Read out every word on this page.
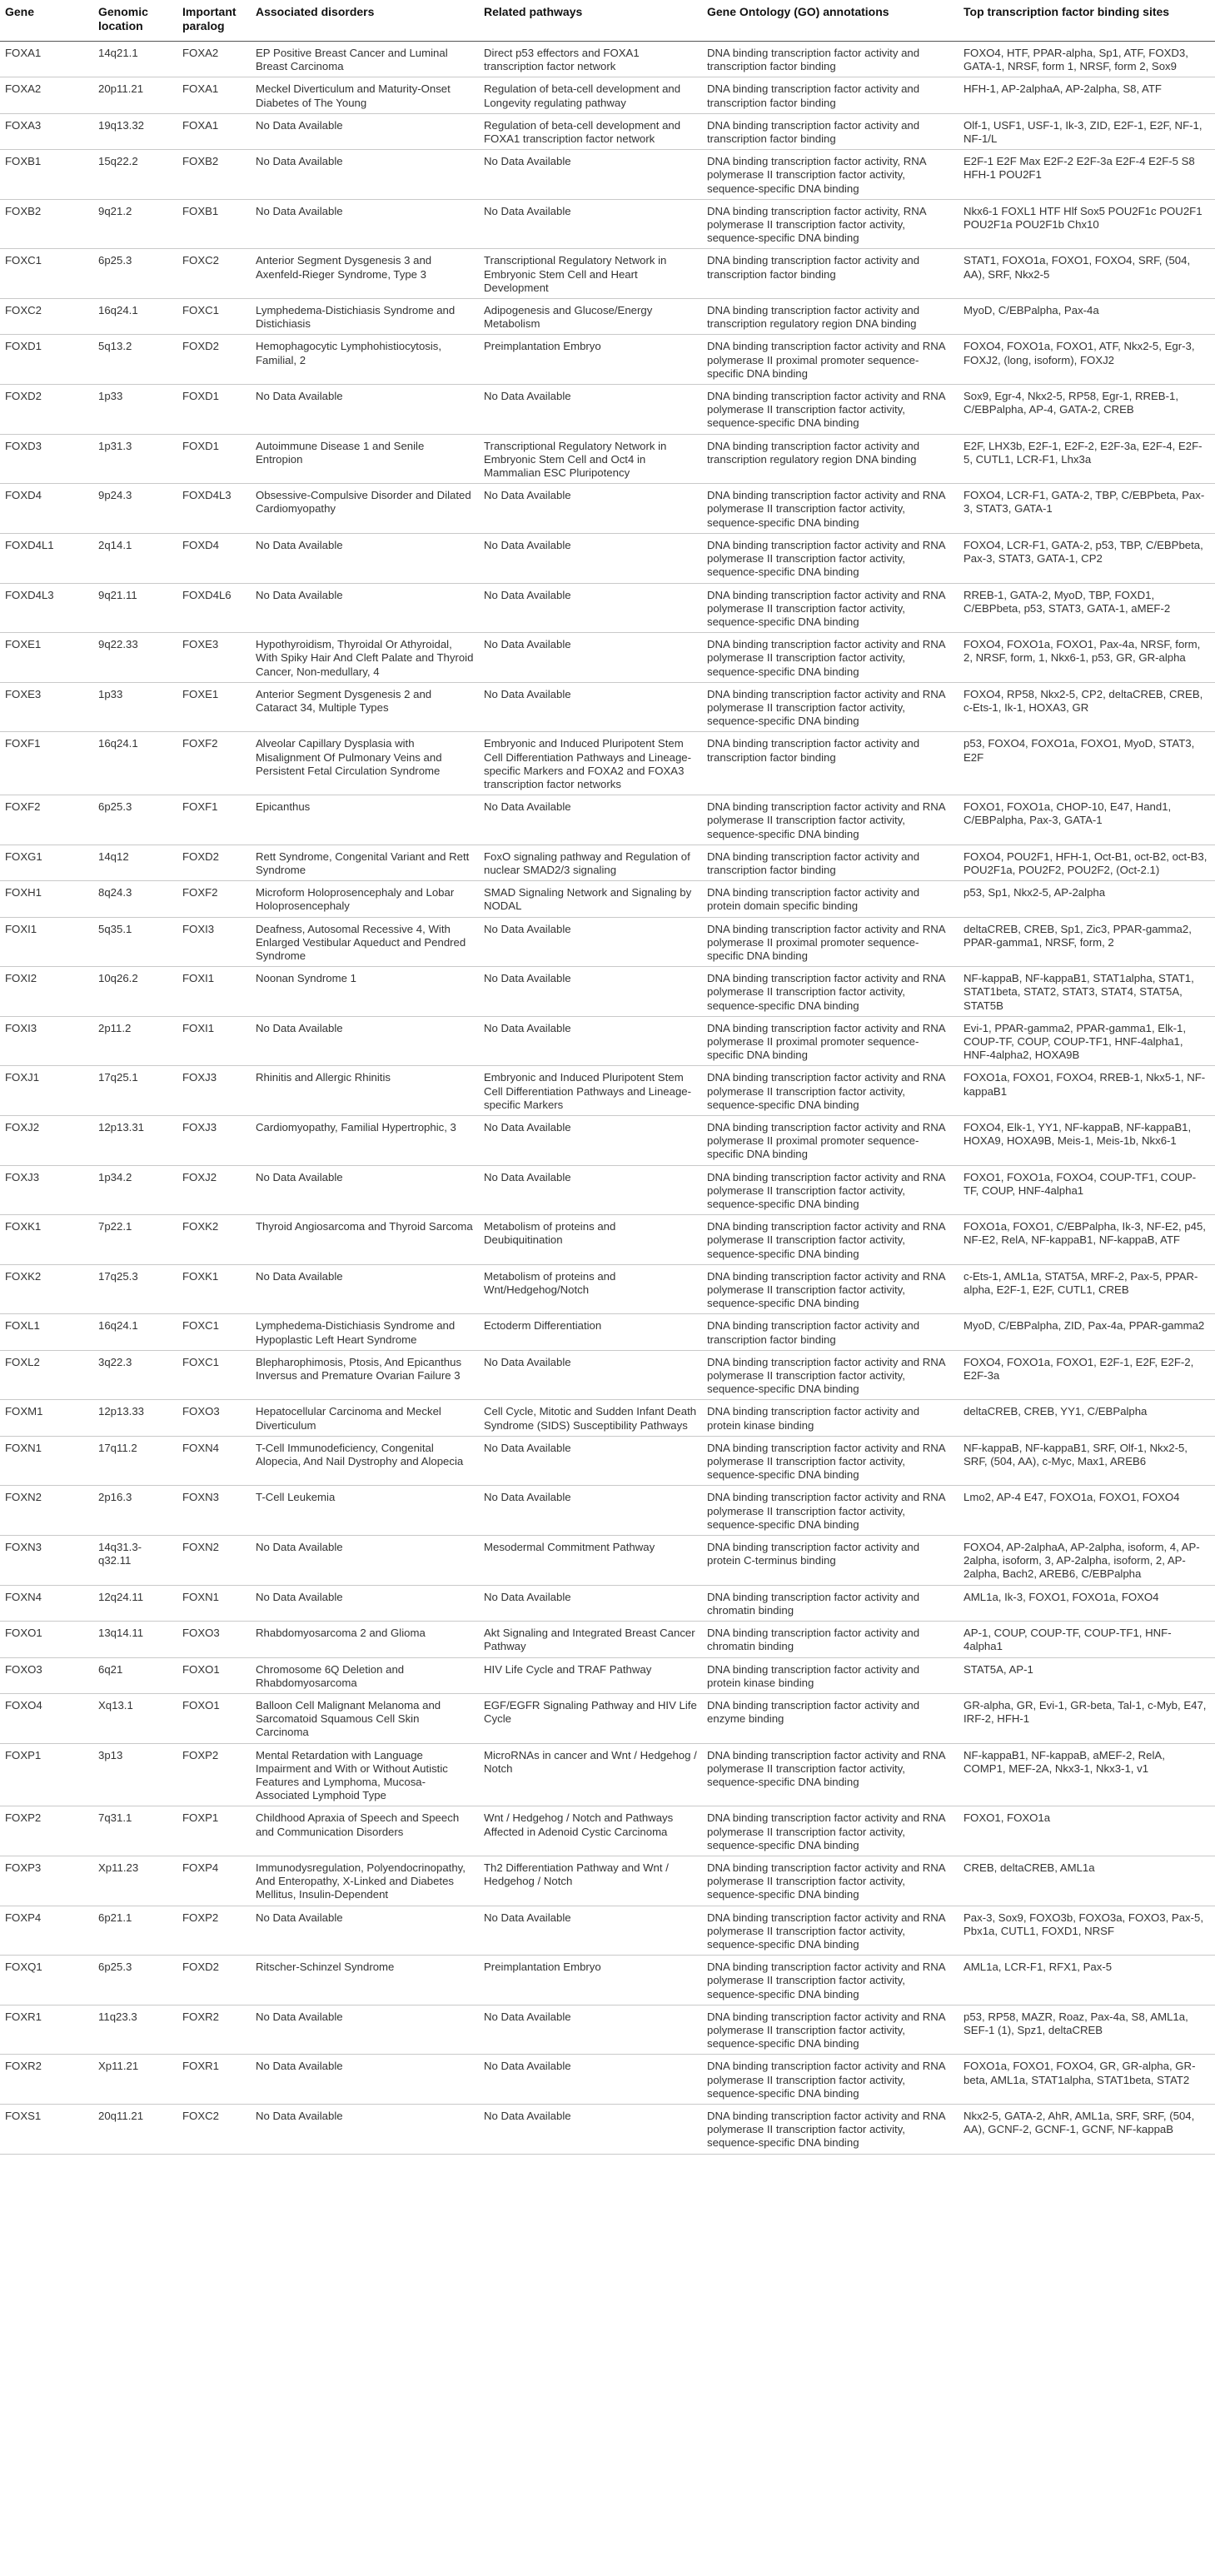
Gene	Genomic location	Important paralog	Associated disorders	Related pathways	Gene Ontology (GO) annotations	Top transcription factor binding sites
FOXA1	14q21.1	FOXA2	EP Positive Breast Cancer and Luminal Breast Carcinoma	Direct p53 effectors and FOXA1 transcription factor network	DNA binding transcription factor activity and transcription factor binding	FOXO4, HTF, PPAR-alpha, Sp1, ATF, FOXD3, GATA-1, NRSF, form 1, NRSF, form 2, Sox9
FOXA2	20p11.21	FOXA1	Meckel Diverticulum and Maturity-Onset Diabetes of The Young	Regulation of beta-cell development and Longevity regulating pathway	DNA binding transcription factor activity and transcription factor binding	HFH-1, AP-2alphaA, AP-2alpha, S8, ATF
FOXA3	19q13.32	FOXA1	No Data Available	Regulation of beta-cell development and FOXA1 transcription factor network	DNA binding transcription factor activity and transcription factor binding	Olf-1, USF1, USF-1, Ik-3, ZID, E2F-1, E2F, NF-1, NF-1/L
FOXB1	15q22.2	FOXB2	No Data Available	No Data Available	DNA binding transcription factor activity, RNA polymerase II transcription factor activity, sequence-specific DNA binding	E2F-1 E2F Max E2F-2 E2F-3a E2F-4 E2F-5 S8 HFH-1 POU2F1
FOXB2	9q21.2	FOXB1	No Data Available	No Data Available	DNA binding transcription factor activity, RNA polymerase II transcription factor activity, sequence-specific DNA binding	Nkx6-1 FOXL1 HTF Hlf Sox5 POU2F1c POU2F1 POU2F1a POU2F1b Chx10
FOXC1	6p25.3	FOXC2	Anterior Segment Dysgenesis 3 and Axenfeld-Rieger Syndrome, Type 3	Transcriptional Regulatory Network in Embryonic Stem Cell and Heart Development	DNA binding transcription factor activity and transcription factor binding	STAT1, FOXO1a, FOXO1, FOXO4, SRF, (504, AA), SRF, Nkx2-5
FOXC2	16q24.1	FOXC1	Lymphedema-Distichiasis Syndrome and Distichiasis	Adipogenesis and Glucose/Energy Metabolism	DNA binding transcription factor activity and transcription regulatory region DNA binding	MyoD, C/EBPalpha, Pax-4a
FOXD1	5q13.2	FOXD2	Hemophagocytic Lymphohistiocytosis, Familial, 2	Preimplantation Embryo	DNA binding transcription factor activity and RNA polymerase II proximal promoter sequence-specific DNA binding	FOXO4, FOXO1a, FOXO1, ATF, Nkx2-5, Egr-3, FOXJ2, (long, isoform), FOXJ2
FOXD2	1p33	FOXD1	No Data Available	No Data Available	DNA binding transcription factor activity and RNA polymerase II transcription factor activity, sequence-specific DNA binding	Sox9, Egr-4, Nkx2-5, RP58, Egr-1, RREB-1, C/EBPalpha, AP-4, GATA-2, CREB
FOXD3	1p31.3	FOXD1	Autoimmune Disease 1 and Senile Entropion	Transcriptional Regulatory Network in Embryonic Stem Cell and Oct4 in Mammalian ESC Pluripotency	DNA binding transcription factor activity and transcription regulatory region DNA binding	E2F, LHX3b, E2F-1, E2F-2, E2F-3a, E2F-4, E2F-5, CUTL1, LCR-F1, Lhx3a
FOXD4	9p24.3	FOXD4L3	Obsessive-Compulsive Disorder and Dilated Cardiomyopathy	No Data Available	DNA binding transcription factor activity and RNA polymerase II transcription factor activity, sequence-specific DNA binding	FOXO4, LCR-F1, GATA-2, TBP, C/EBPbeta, Pax-3, STAT3, GATA-1
FOXD4L1	2q14.1	FOXD4	No Data Available	No Data Available	DNA binding transcription factor activity and RNA polymerase II transcription factor activity, sequence-specific DNA binding	FOXO4, LCR-F1, GATA-2, p53, TBP, C/EBPbeta, Pax-3, STAT3, GATA-1, CP2
FOXD4L3	9q21.11	FOXD4L6	No Data Available	No Data Available	DNA binding transcription factor activity and RNA polymerase II transcription factor activity, sequence-specific DNA binding	RREB-1, GATA-2, MyoD, TBP, FOXD1, C/EBPbeta, p53, STAT3, GATA-1, aMEF-2
FOXE1	9q22.33	FOXE3	Hypothyroidism, Thyroidal Or Athyroidal, With Spiky Hair And Cleft Palate and Thyroid Cancer, Non-medullary, 4	No Data Available	DNA binding transcription factor activity and RNA polymerase II transcription factor activity, sequence-specific DNA binding	FOXO4, FOXO1a, FOXO1, Pax-4a, NRSF, form, 2, NRSF, form, 1, Nkx6-1, p53, GR, GR-alpha
FOXE3	1p33	FOXE1	Anterior Segment Dysgenesis 2 and Cataract 34, Multiple Types	No Data Available	DNA binding transcription factor activity and RNA polymerase II transcription factor activity, sequence-specific DNA binding	FOXO4, RP58, Nkx2-5, CP2, deltaCREB, CREB, c-Ets-1, Ik-1, HOXA3, GR
FOXF1	16q24.1	FOXF2	Alveolar Capillary Dysplasia with Misalignment Of Pulmonary Veins and Persistent Fetal Circulation Syndrome	Embryonic and Induced Pluripotent Stem Cell Differentiation Pathways and Lineage-specific Markers and FOXA2 and FOXA3 transcription factor networks	DNA binding transcription factor activity and transcription factor binding	p53, FOXO4, FOXO1a, FOXO1, MyoD, STAT3, E2F
FOXF2	6p25.3	FOXF1	Epicanthus	No Data Available	DNA binding transcription factor activity and RNA polymerase II transcription factor activity, sequence-specific DNA binding	FOXO1, FOXO1a, CHOP-10, E47, Hand1, C/EBPalpha, Pax-3, GATA-1
FOXG1	14q12	FOXD2	Rett Syndrome, Congenital Variant and Rett Syndrome	FoxO signaling pathway and Regulation of nuclear SMAD2/3 signaling	DNA binding transcription factor activity and transcription factor binding	FOXO4, POU2F1, HFH-1, Oct-B1, oct-B2, oct-B3, POU2F1a, POU2F2, POU2F2, (Oct-2.1)
FOXH1	8q24.3	FOXF2	Microform Holoprosencephaly and Lobar Holoprosencephaly	SMAD Signaling Network and Signaling by NODAL	DNA binding transcription factor activity and protein domain specific binding	p53, Sp1, Nkx2-5, AP-2alpha
FOXI1	5q35.1	FOXI3	Deafness, Autosomal Recessive 4, With Enlarged Vestibular Aqueduct and Pendred Syndrome	No Data Available	DNA binding transcription factor activity and RNA polymerase II proximal promoter sequence-specific DNA binding	deltaCREB, CREB, Sp1, Zic3, PPAR-gamma2, PPAR-gamma1, NRSF, form, 2
FOXI2	10q26.2	FOXI1	Noonan Syndrome 1	No Data Available	DNA binding transcription factor activity and RNA polymerase II transcription factor activity, sequence-specific DNA binding	NF-kappaB, NF-kappaB1, STAT1alpha, STAT1, STAT1beta, STAT2, STAT3, STAT4, STAT5A, STAT5B
FOXI3	2p11.2	FOXI1	No Data Available	No Data Available	DNA binding transcription factor activity and RNA polymerase II proximal promoter sequence-specific DNA binding	Evi-1, PPAR-gamma2, PPAR-gamma1, Elk-1, COUP-TF, COUP, COUP-TF1, HNF-4alpha1, HNF-4alpha2, HOXA9B
FOXJ1	17q25.1	FOXJ3	Rhinitis and Allergic Rhinitis	Embryonic and Induced Pluripotent Stem Cell Differentiation Pathways and Lineage-specific Markers	DNA binding transcription factor activity and RNA polymerase II transcription factor activity, sequence-specific DNA binding	FOXO1a, FOXO1, FOXO4, RREB-1, Nkx5-1, NF-kappaB1
FOXJ2	12p13.31	FOXJ3	Cardiomyopathy, Familial Hypertrophic, 3	No Data Available	DNA binding transcription factor activity and RNA polymerase II proximal promoter sequence-specific DNA binding	FOXO4, Elk-1, YY1, NF-kappaB, NF-kappaB1, HOXA9, HOXA9B, Meis-1, Meis-1b, Nkx6-1
FOXJ3	1p34.2	FOXJ2	No Data Available	No Data Available	DNA binding transcription factor activity and RNA polymerase II transcription factor activity, sequence-specific DNA binding	FOXO1, FOXO1a, FOXO4, COUP-TF1, COUP-TF, COUP, HNF-4alpha1
FOXK1	7p22.1	FOXK2	Thyroid Angiosarcoma and Thyroid Sarcoma	Metabolism of proteins and Deubiquitination	DNA binding transcription factor activity and RNA polymerase II transcription factor activity, sequence-specific DNA binding	FOXO1a, FOXO1, C/EBPalpha, Ik-3, NF-E2, p45, NF-E2, RelA, NF-kappaB1, NF-kappaB, ATF
FOXK2	17q25.3	FOXK1	No Data Available	Metabolism of proteins and Wnt/Hedgehog/Notch	DNA binding transcription factor activity and RNA polymerase II transcription factor activity, sequence-specific DNA binding	c-Ets-1, AML1a, STAT5A, MRF-2, Pax-5, PPAR-alpha, E2F-1, E2F, CUTL1, CREB
FOXL1	16q24.1	FOXC1	Lymphedema-Distichiasis Syndrome and Hypoplastic Left Heart Syndrome	Ectoderm Differentiation	DNA binding transcription factor activity and transcription factor binding	MyoD, C/EBPalpha, ZID, Pax-4a, PPAR-gamma2
FOXL2	3q22.3	FOXC1	Blepharophimosis, Ptosis, And Epicanthus Inversus and Premature Ovarian Failure 3	No Data Available	DNA binding transcription factor activity and RNA polymerase II transcription factor activity, sequence-specific DNA binding	FOXO4, FOXO1a, FOXO1, E2F-1, E2F, E2F-2, E2F-3a
FOXM1	12p13.33	FOXO3	Hepatocellular Carcinoma and Meckel Diverticulum	Cell Cycle, Mitotic and Sudden Infant Death Syndrome (SIDS) Susceptibility Pathways	DNA binding transcription factor activity and protein kinase binding	deltaCREB, CREB, YY1, C/EBPalpha
FOXN1	17q11.2	FOXN4	T-Cell Immunodeficiency, Congenital Alopecia, And Nail Dystrophy and Alopecia	No Data Available	DNA binding transcription factor activity and RNA polymerase II transcription factor activity, sequence-specific DNA binding	NF-kappaB, NF-kappaB1, SRF, Olf-1, Nkx2-5, SRF, (504, AA), c-Myc, Max1, AREB6
FOXN2	2p16.3	FOXN3	T-Cell Leukemia	No Data Available	DNA binding transcription factor activity and RNA polymerase II transcription factor activity, sequence-specific DNA binding	Lmo2, AP-4 E47, FOXO1a, FOXO1, FOXO4
FOXN3	14q31.3-q32.11	FOXN2	No Data Available	Mesodermal Commitment Pathway	DNA binding transcription factor activity and protein C-terminus binding	FOXO4, AP-2alphaA, AP-2alpha, isoform, 4, AP-2alpha, isoform, 3, AP-2alpha, isoform, 2, AP-2alpha, Bach2, AREB6, C/EBPalpha
FOXN4	12q24.11	FOXN1	No Data Available	No Data Available	DNA binding transcription factor activity and chromatin binding	AML1a, Ik-3, FOXO1, FOXO1a, FOXO4
FOXO1	13q14.11	FOXO3	Rhabdomyosarcoma 2 and Glioma	Akt Signaling and Integrated Breast Cancer Pathway	DNA binding transcription factor activity and chromatin binding	AP-1, COUP, COUP-TF, COUP-TF1, HNF-4alpha1
FOXO3	6q21	FOXO1	Chromosome 6Q Deletion and Rhabdomyosarcoma	HIV Life Cycle and TRAF Pathway	DNA binding transcription factor activity and protein kinase binding	STAT5A, AP-1
FOXO4	Xq13.1	FOXO1	Balloon Cell Malignant Melanoma and Sarcomatoid Squamous Cell Skin Carcinoma	EGF/EGFR Signaling Pathway and HIV Life Cycle	DNA binding transcription factor activity and enzyme binding	GR-alpha, GR, Evi-1, GR-beta, Tal-1, c-Myb, E47, IRF-2, HFH-1
FOXP1	3p13	FOXP2	Mental Retardation with Language Impairment and With or Without Autistic Features and Lymphoma, Mucosa-Associated Lymphoid Type	MicroRNAs in cancer and Wnt / Hedgehog / Notch	DNA binding transcription factor activity and RNA polymerase II transcription factor activity, sequence-specific DNA binding	NF-kappaB1, NF-kappaB, aMEF-2, RelA, COMP1, MEF-2A, Nkx3-1, Nkx3-1, v1
FOXP2	7q31.1	FOXP1	Childhood Apraxia of Speech and Speech and Communication Disorders	Wnt / Hedgehog / Notch and Pathways Affected in Adenoid Cystic Carcinoma	DNA binding transcription factor activity and RNA polymerase II transcription factor activity, sequence-specific DNA binding	FOXO1, FOXO1a
FOXP3	Xp11.23	FOXP4	Immunodysregulation, Polyendocrinopathy, And Enteropathy, X-Linked and Diabetes Mellitus, Insulin-Dependent	Th2 Differentiation Pathway and Wnt / Hedgehog / Notch	DNA binding transcription factor activity and RNA polymerase II transcription factor activity, sequence-specific DNA binding	CREB, deltaCREB, AML1a
FOXP4	6p21.1	FOXP2	No Data Available	No Data Available	DNA binding transcription factor activity and RNA polymerase II transcription factor activity, sequence-specific DNA binding	Pax-3, Sox9, FOXO3b, FOXO3a, FOXO3, Pax-5, Pbx1a, CUTL1, FOXD1, NRSF
FOXQ1	6p25.3	FOXD2	Ritscher-Schinzel Syndrome	Preimplantation Embryo	DNA binding transcription factor activity and RNA polymerase II transcription factor activity, sequence-specific DNA binding	AML1a, LCR-F1, RFX1, Pax-5
FOXR1	11q23.3	FOXR2	No Data Available	No Data Available	DNA binding transcription factor activity and RNA polymerase II transcription factor activity, sequence-specific DNA binding	p53, RP58, MAZR, Roaz, Pax-4a, S8, AML1a, SEF-1 (1), Spz1, deltaCREB
FOXR2	Xp11.21	FOXR1	No Data Available	No Data Available	DNA binding transcription factor activity and RNA polymerase II transcription factor activity, sequence-specific DNA binding	FOXO1a, FOXO1, FOXO4, GR, GR-alpha, GR-beta, AML1a, STAT1alpha, STAT1beta, STAT2
FOXS1	20q11.21	FOXC2	No Data Available	No Data Available	DNA binding transcription factor activity and RNA polymerase II transcription factor activity, sequence-specific DNA binding	Nkx2-5, GATA-2, AhR, AML1a, SRF, SRF, (504, AA), GCNF-2, GCNF-1, GCNF, NF-kappaB
